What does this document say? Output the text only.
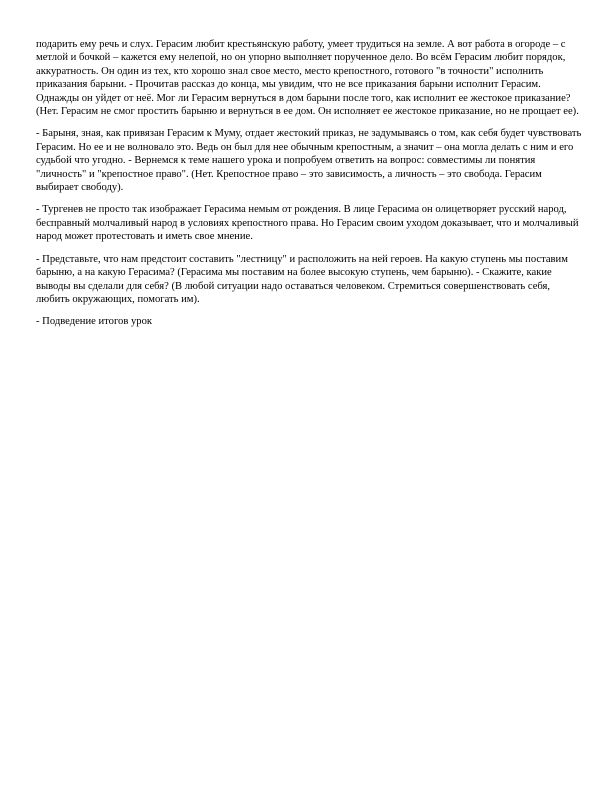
подарить ему речь и слух. Герасим любит крестьянскую работу, умеет трудиться на земле. А вот работа в огороде – с метлой и бочкой – кажется ему нелепой, но он упорно выполняет порученное дело. Во всём Герасим любит порядок, аккуратность. Он один из тех, кто хорошо знал свое место, место крепостного, готового "в точности" исполнить приказания барыни. - Прочитав рассказ до конца, мы увидим, что не все приказания барыни исполнит Герасим. Однажды он уйдет от неё. Мог ли Герасим вернуться в дом барыни после того, как исполнит ее жестокое приказание? (Нет. Герасим не смог простить барыню и вернуться в ее дом. Он исполняет ее жестокое приказание, но не прощает ее).

- Барыня, зная, как привязан Герасим к Муму, отдает жестокий приказ, не задумываясь о том, как себя будет чувствовать Герасим. Но ее и не волновало это. Ведь он был для нее обычным крепостным, а значит – она могла делать с ним и его судьбой что угодно. - Вернемся к теме нашего урока и попробуем ответить на вопрос: совместимы ли понятия "личность" и "крепостное право". (Нет. Крепостное право – это зависимость, а личность – это свобода. Герасим выбирает свободу).

- Тургенев не просто так изображает Герасима немым от рождения. В лице Герасима он олицетворяет русский народ, бесправный молчаливый народ в условиях крепостного права. Но Герасим своим уходом доказывает, что и молчаливый народ может протестовать и иметь свое мнение.

- Представьте, что нам предстоит составить "лестницу" и расположить на ней героев. На какую ступень мы поставим барыню, а на какую Герасима? (Герасима мы поставим на более высокую ступень, чем барыню). - Скажите, какие выводы вы сделали для себя? (В любой ситуации надо оставаться человеком. Стремиться совершенствовать себя, любить окружающих, помогать им).

- Подведение итогов урок
